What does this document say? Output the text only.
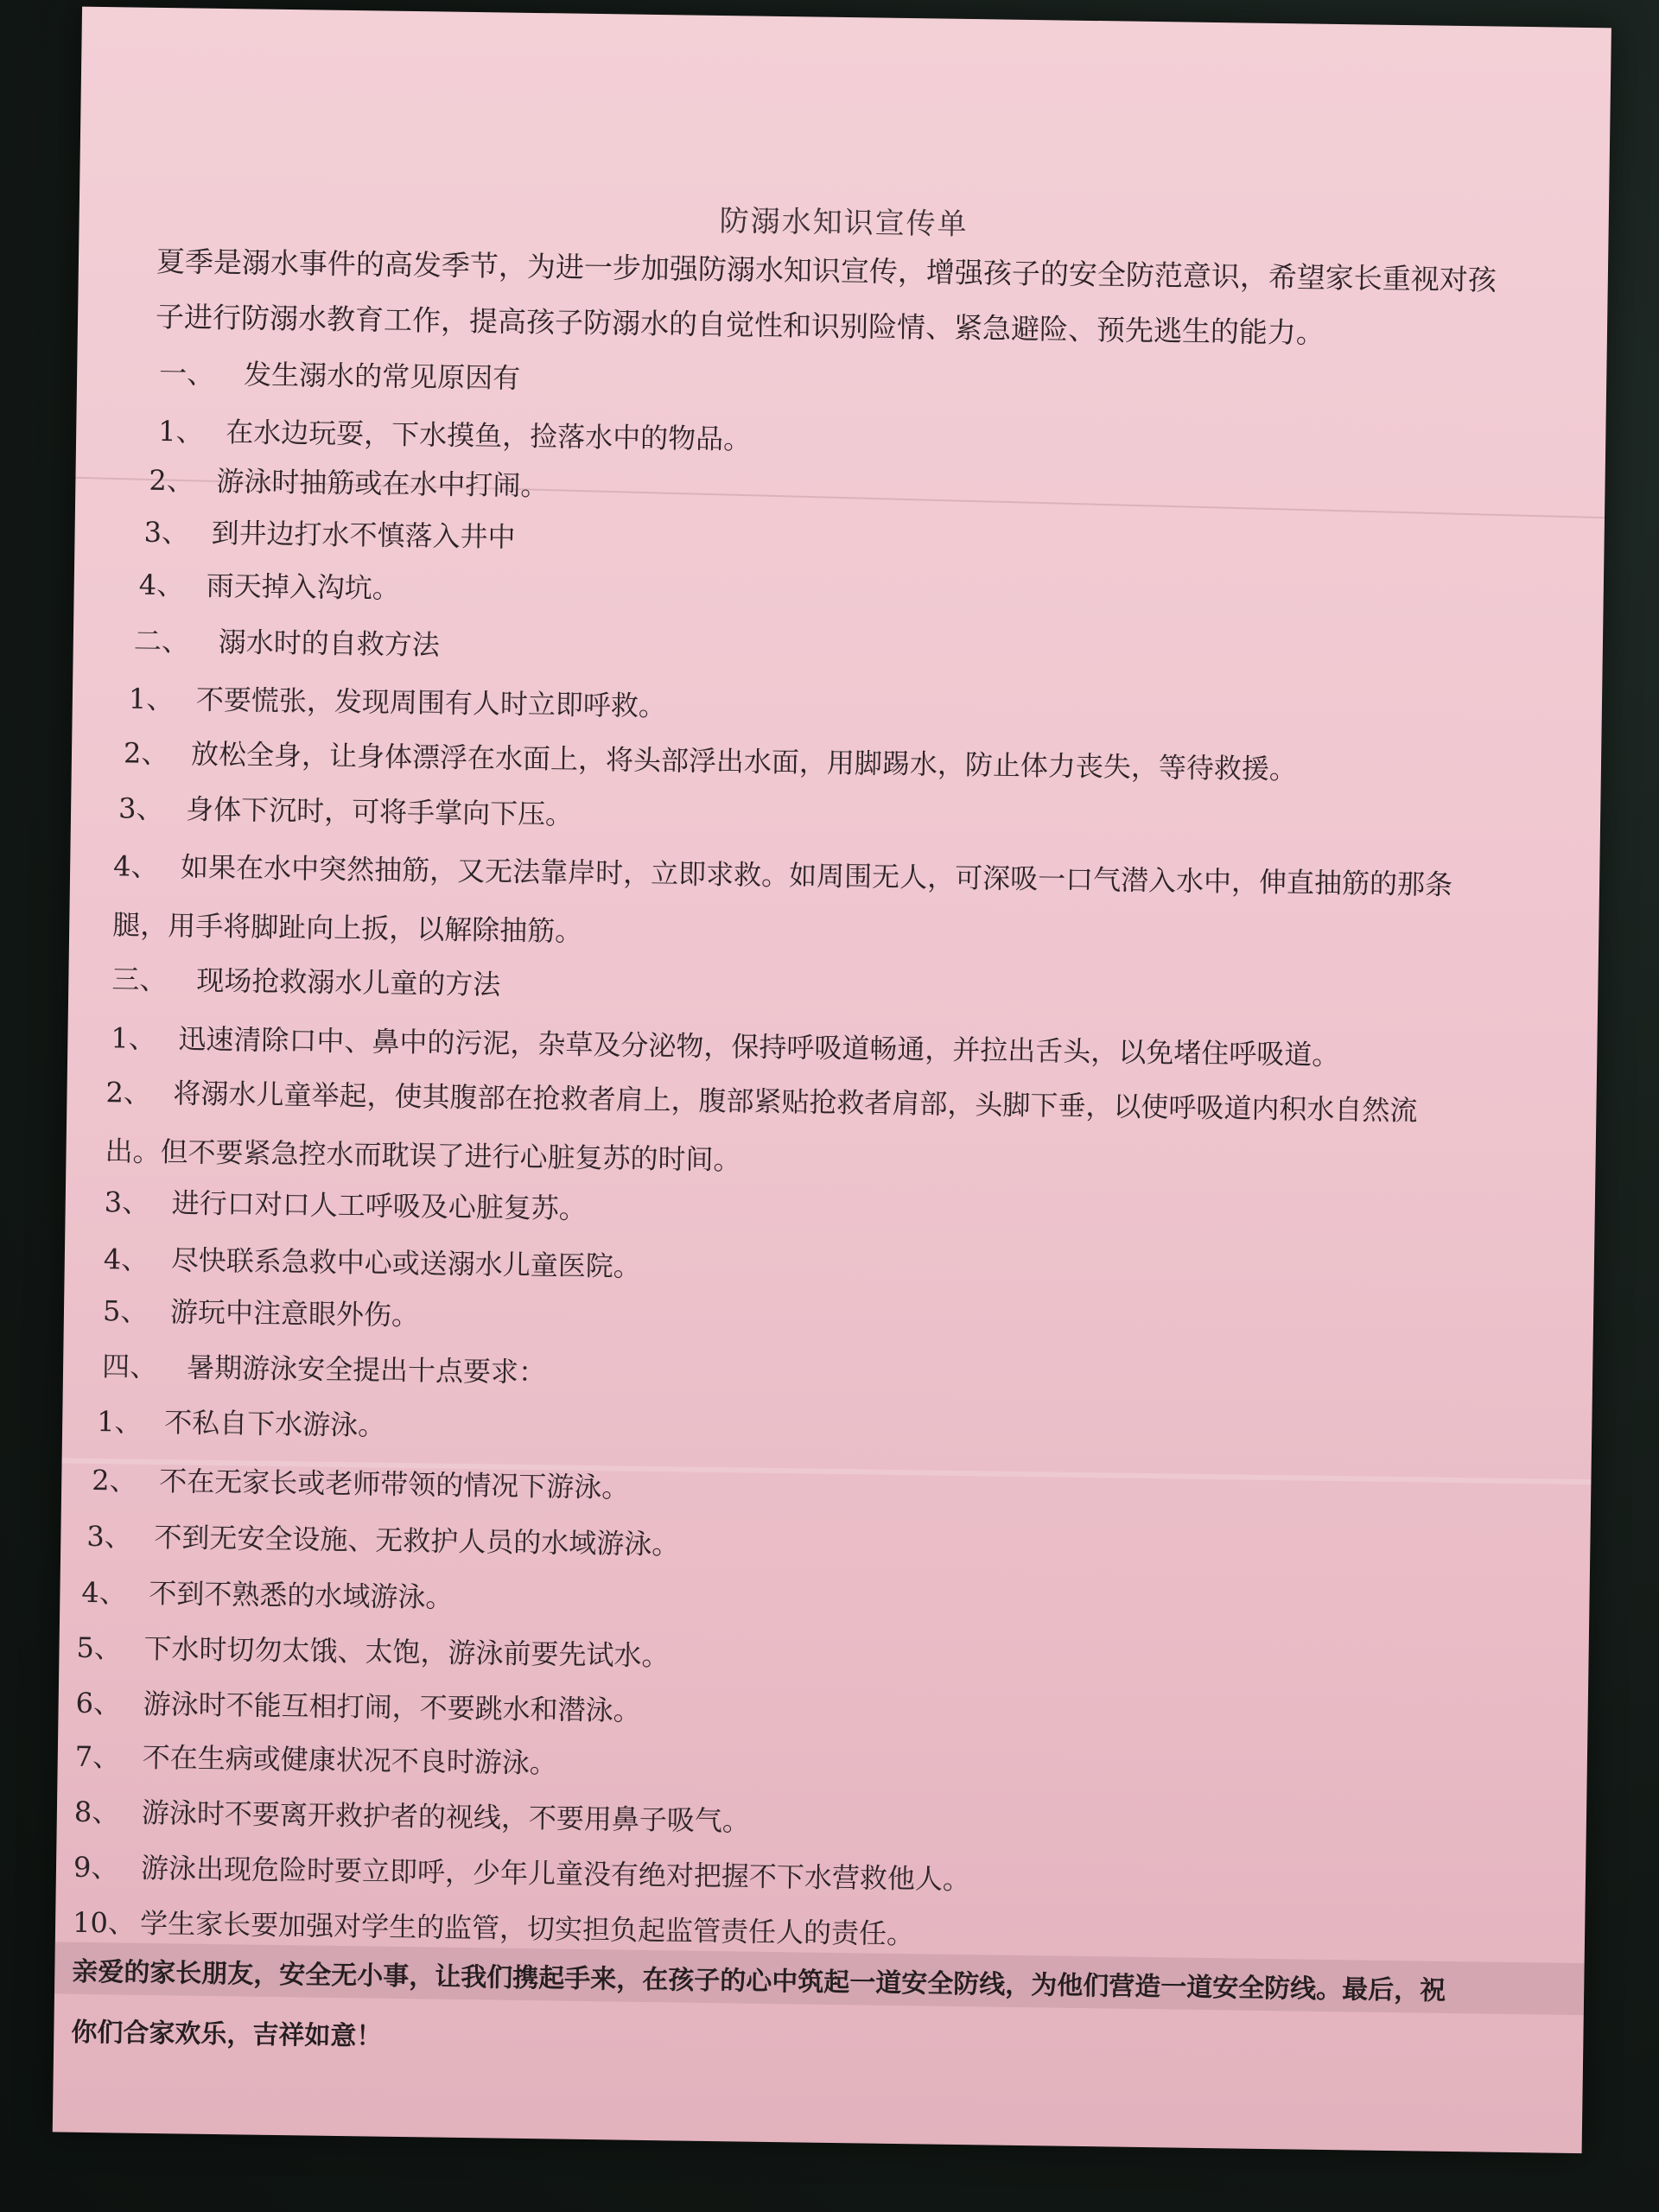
防溺水知识宣传单
夏季是溺水事件的高发季节，为进一步加强防溺水知识宣传，增强孩子的安全防范意识，希望家长重视对孩子进行防溺水教育工作，提高孩子防溺水的自觉性和识别险情、紧急避险、预先逃生的能力。
一、 发生溺水的常见原因有
1、 在水边玩耍，下水摸鱼，捡落水中的物品。
2、 游泳时抽筋或在水中打闹。
3、 到井边打水不慎落入井中
4、 雨天掉入沟坑。
二、 溺水时的自救方法
1、 不要慌张，发现周围有人时立即呼救。
2、 放松全身，让身体漂浮在水面上，将头部浮出水面，用脚踢水，防止体力丧失，等待救援。
3、 身体下沉时，可将手掌向下压。
4、 如果在水中突然抽筋，又无法靠岸时，立即求救。如周围无人，可深吸一口气潜入水中，伸直抽筋的那条腿，用手将脚趾向上扳，以解除抽筋。
三、 现场抢救溺水儿童的方法
1、 迅速清除口中、鼻中的污泥，杂草及分泌物，保持呼吸道畅通，并拉出舌头，以免堵住呼吸道。
2、 将溺水儿童举起，使其腹部在抢救者肩上，腹部紧贴抢救者肩部，头脚下垂，以使呼吸道内积水自然流出。但不要紧急控水而耽误了进行心脏复苏的时间。
3、 进行口对口人工呼吸及心脏复苏。
4、 尽快联系急救中心或送溺水儿童医院。
5、 游玩中注意眼外伤。
四、 暑期游泳安全提出十点要求：
1、 不私自下水游泳。
2、 不在无家长或老师带领的情况下游泳。
3、 不到无安全设施、无救护人员的水域游泳。
4、 不到不熟悉的水域游泳。
5、 下水时切勿太饿、太饱，游泳前要先试水。
6、 游泳时不能互相打闹，不要跳水和潜泳。
7、 不在生病或健康状况不良时游泳。
8、 游泳时不要离开救护者的视线，不要用鼻子吸气。
9、 游泳出现危险时要立即呼，少年儿童没有绝对把握不下水营救他人。
10、 学生家长要加强对学生的监管，切实担负起监管责任人的责任。
亲爱的家长朋友，安全无小事，让我们携起手来，在孩子的心中筑起一道安全防线，为他们营造一道安全防线。最后，祝你们合家欢乐，吉祥如意！
